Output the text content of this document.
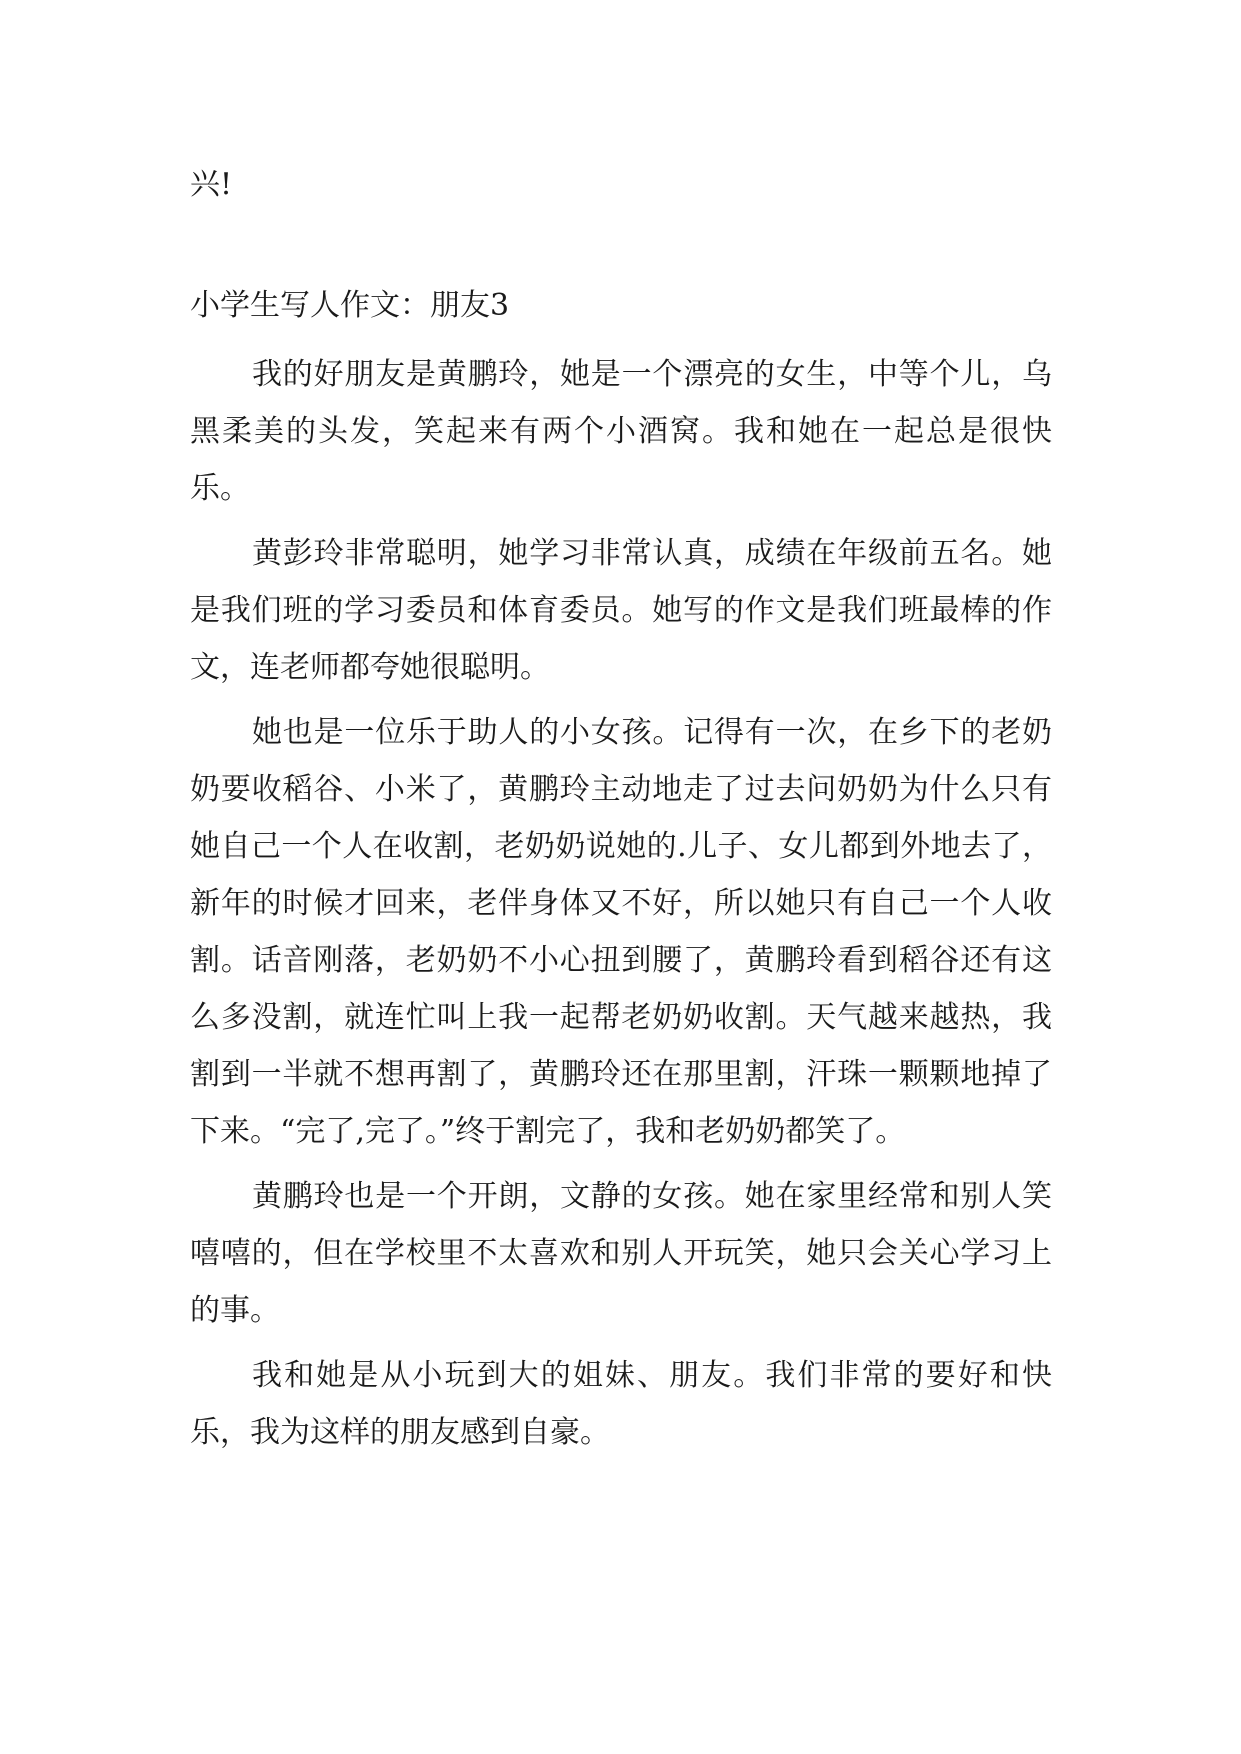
兴!

小学生写人作文：朋友3

我的好朋友是黄鹏玲，她是一个漂亮的女生，中等个儿，乌黑柔美的头发，笑起来有两个小酒窝。我和她在一起总是很快乐。

黄彭玲非常聪明，她学习非常认真，成绩在年级前五名。她是我们班的学习委员和体育委员。她写的作文是我们班最棒的作文，连老师都夸她很聪明。

她也是一位乐于助人的小女孩。记得有一次，在乡下的老奶奶要收稻谷、小米了，黄鹏玲主动地走了过去问奶奶为什么只有她自己一个人在收割，老奶奶说她的.儿子、女儿都到外地去了，新年的时候才回来，老伴身体又不好，所以她只有自己一个人收割。话音刚落，老奶奶不小心扭到腰了，黄鹏玲看到稻谷还有这么多没割，就连忙叫上我一起帮老奶奶收割。天气越来越热，我割到一半就不想再割了，黄鹏玲还在那里割，汗珠一颗颗地掉了下来。“完了,完了。”终于割完了，我和老奶奶都笑了。

黄鹏玲也是一个开朗，文静的女孩。她在家里经常和别人笑嘻嘻的，但在学校里不太喜欢和别人开玩笑，她只会关心学习上的事。

我和她是从小玩到大的姐妹、朋友。我们非常的要好和快乐，我为这样的朋友感到自豪。
